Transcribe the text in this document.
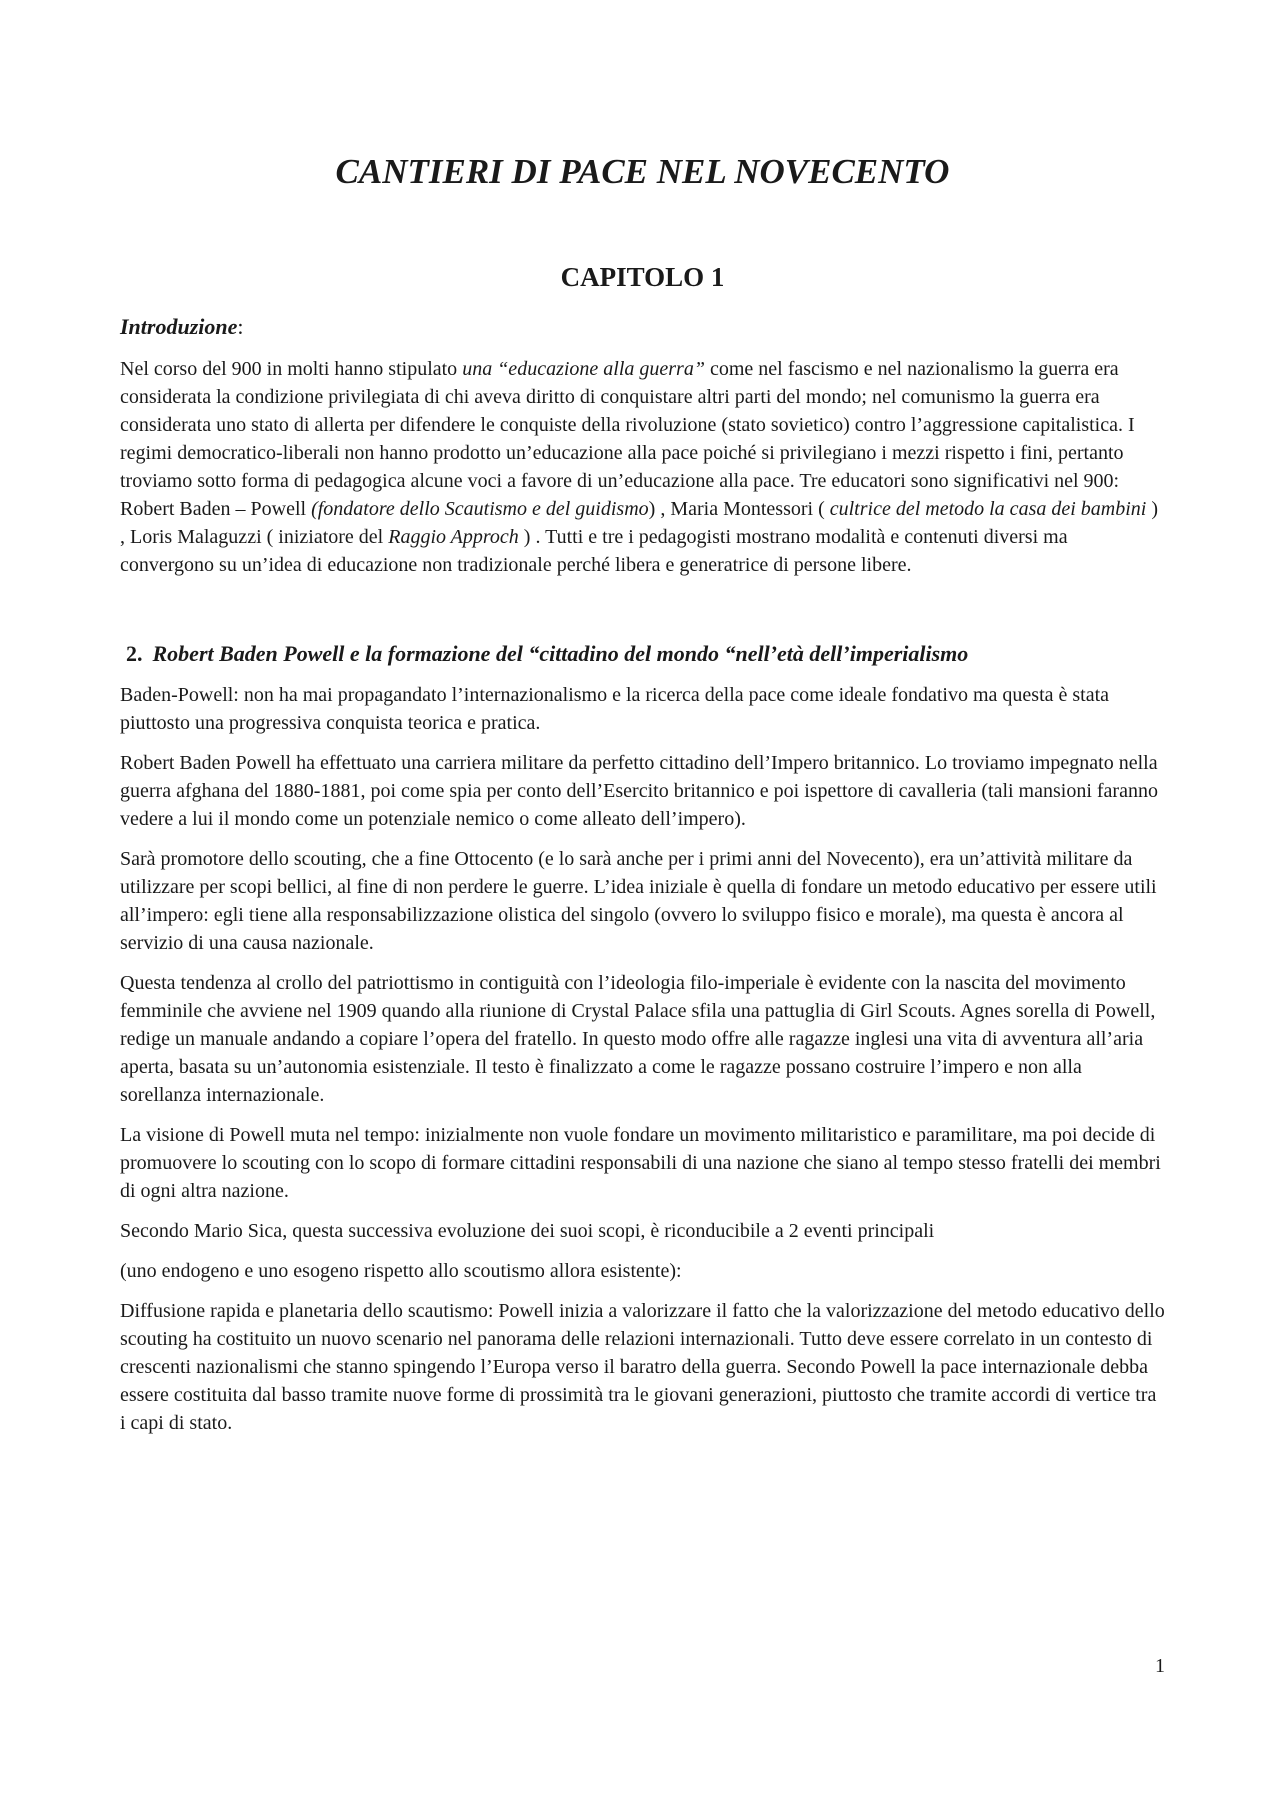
CANTIERI DI PACE NEL NOVECENTO
CAPITOLO 1
Introduzione:

Nel corso del 900 in molti hanno stipulato una “educazione alla guerra” come nel fascismo e nel nazionalismo la guerra era considerata la condizione privilegiata di chi aveva diritto di conquistare altri parti del mondo; nel comunismo la guerra era considerata uno stato di allerta per difendere le conquiste della rivoluzione (stato sovietico) contro l’aggressione capitalistica. I regimi democratico-liberali non hanno prodotto un’educazione alla pace poiché si privilegiano i mezzi rispetto i fini, pertanto troviamo sotto forma di pedagogica alcune voci a favore di un’educazione alla pace. Tre educatori sono significativi nel 900: Robert Baden – Powell (fondatore dello Scautismo e del guidismo) , Maria Montessori ( cultrice del metodo la casa dei bambini ) , Loris Malaguzzi ( iniziatore del Raggio Approch ) . Tutti e tre i pedagogisti mostrano modalità e contenuti diversi ma convergono su un’idea di educazione non tradizionale perché libera e generatrice di persone libere.

2. Robert Baden Powell e la formazione del “cittadino del mondo “nell’età dell’imperialismo

Baden-Powell: non ha mai propagandato l’internazionalismo e la ricerca della pace come ideale fondativo ma questa è stata piuttosto una progressiva conquista teorica e pratica.

Robert Baden Powell ha effettuato una carriera militare da perfetto cittadino dell’Impero britannico. Lo troviamo impegnato nella guerra afghana del 1880-1881, poi come spia per conto dell’Esercito britannico e poi ispettore di cavalleria (tali mansioni faranno vedere a lui il mondo come un potenziale nemico o come alleato dell’impero).

Sarà promotore dello scouting, che a fine Ottocento (e lo sarà anche per i primi anni del Novecento), era un’attività militare da utilizzare per scopi bellici, al fine di non perdere le guerre. L’idea iniziale è quella di fondare un metodo educativo per essere utili all’impero: egli tiene alla responsabilizzazione olistica del singolo (ovvero lo sviluppo fisico e morale), ma questa è ancora al servizio di una causa nazionale.

Questa tendenza al crollo del patriottismo in contiguità con l’ideologia filo-imperiale è evidente con la nascita del movimento femminile che avviene nel 1909 quando alla riunione di Crystal Palace sfila una pattuglia di Girl Scouts. Agnes sorella di Powell, redige un manuale andando a copiare l’opera del fratello. In questo modo offre alle ragazze inglesi una vita di avventura all’aria aperta, basata su un’autonomia esistenziale. Il testo è finalizzato a come le ragazze possano costruire l’impero e non alla sorellanza internazionale.

La visione di Powell muta nel tempo: inizialmente non vuole fondare un movimento militaristico e paramilitare, ma poi decide di promuovere lo scouting con lo scopo di formare cittadini responsabili di una nazione che siano al tempo stesso fratelli dei membri di ogni altra nazione.

Secondo Mario Sica, questa successiva evoluzione dei suoi scopi, è riconducibile a 2 eventi principali

(uno endogeno e uno esogeno rispetto allo scoutismo allora esistente):

Diffusione rapida e planetaria dello scautismo: Powell inizia a valorizzare il fatto che la valorizzazione del metodo educativo dello scouting ha costituito un nuovo scenario nel panorama delle relazioni internazionali. Tutto deve essere correlato in un contesto di crescenti nazionalismi che stanno spingendo l’Europa verso il baratro della guerra. Secondo Powell la pace internazionale debba essere costituita dal basso tramite nuove forme di prossimità tra le giovani generazioni, piuttosto che tramite accordi di vertice tra i capi di stato.

1
